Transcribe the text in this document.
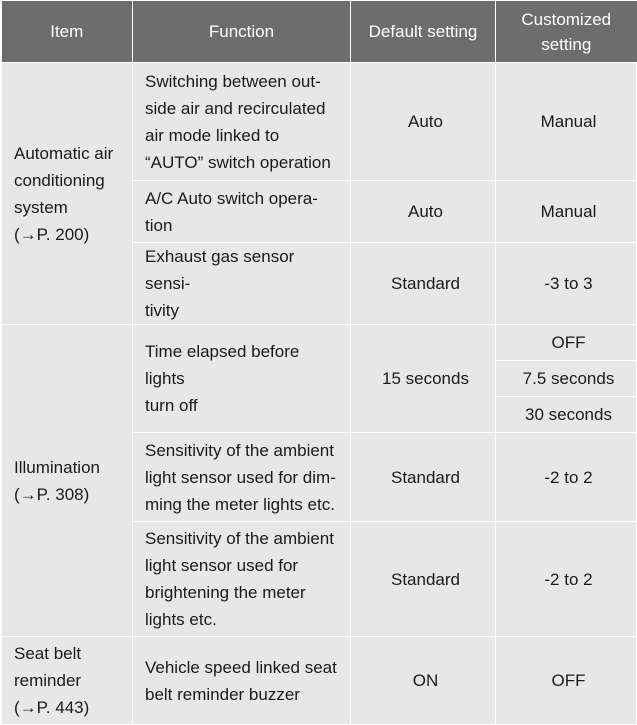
Item	Function	Default setting	Customized
setting
Automatic air
conditioning
system
(→P. 200)	Switching between out-
side air and recirculated
air mode linked to
“AUTO” switch operation	Auto	Manual
	A/C Auto switch opera-
tion	Auto	Manual
	Exhaust gas sensor sensi-
tivity	Standard	-3 to 3
Illumination
(→P. 308)	Time elapsed before lights
turn off	15 seconds	OFF
			7.5 seconds
			30 seconds
	Sensitivity of the ambient
light sensor used for dim-
ming the meter lights etc.	Standard	-2 to 2
	Sensitivity of the ambient
light sensor used for
brightening the meter
lights etc.	Standard	-2 to 2
Seat belt
reminder
(→P. 443)	Vehicle speed linked seat
belt reminder buzzer	ON	OFF
